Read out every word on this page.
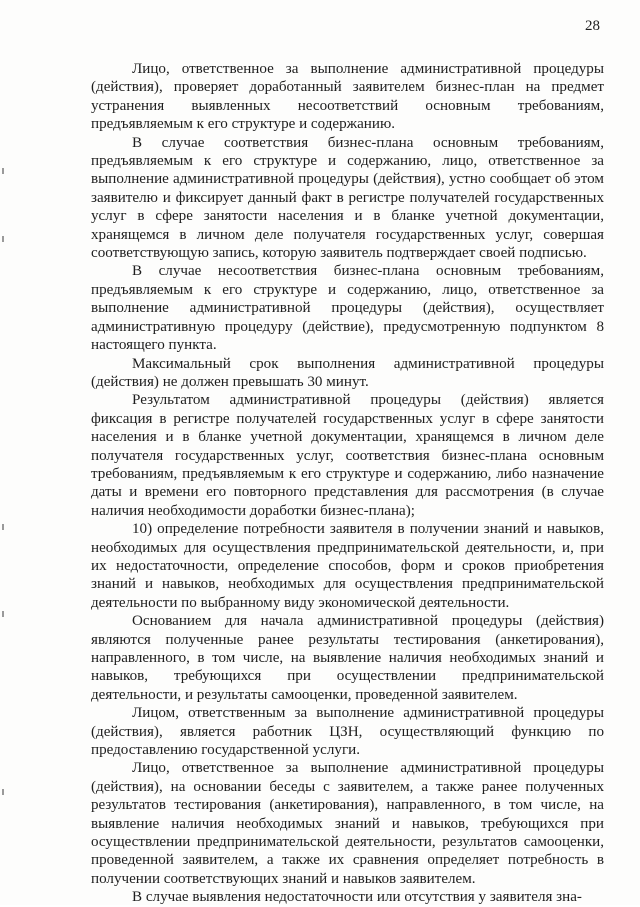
28

Лицо, ответственное за выполнение административной процедуры (действия), проверяет доработанный заявителем бизнес-план на предмет устранения выявленных несоответствий основным требованиям, предъявляемым к его структуре и содержанию.

В случае соответствия бизнес-плана основным требованиям, предъявляемым к его структуре и содержанию, лицо, ответственное за выполнение административной процедуры (действия), устно сообщает об этом заявителю и фиксирует данный факт в регистре получателей государственных услуг в сфере занятости населения и в бланке учетной документации, хранящемся в личном деле получателя государственных услуг, совершая соответствующую запись, которую заявитель подтверждает своей подписью.

В случае несоответствия бизнес-плана основным требованиям, предъявляемым к его структуре и содержанию, лицо, ответственное за выполнение административной процедуры (действия), осуществляет административную процедуру (действие), предусмотренную подпунктом 8 настоящего пункта.

Максимальный срок выполнения административной процедуры (действия) не должен превышать 30 минут.

Результатом административной процедуры (действия) является фиксация в регистре получателей государственных услуг в сфере занятости населения и в бланке учетной документации, хранящемся в личном деле получателя государственных услуг, соответствия бизнес-плана основным требованиям, предъявляемым к его структуре и содержанию, либо назначение даты и времени его повторного представления для рассмотрения (в случае наличия необходимости доработки бизнес-плана);

10) определение потребности заявителя в получении знаний и навыков, необходимых для осуществления предпринимательской деятельности, и, при их недостаточности, определение способов, форм и сроков приобретения знаний и навыков, необходимых для осуществления предпринимательской деятельности по выбранному виду экономической деятельности.

Основанием для начала административной процедуры (действия) являются полученные ранее результаты тестирования (анкетирования), направленного, в том числе, на выявление наличия необходимых знаний и навыков, требующихся при осуществлении предпринимательской деятельности, и результаты самооценки, проведенной заявителем.

Лицом, ответственным за выполнение административной процедуры (действия), является работник ЦЗН, осуществляющий функцию по предоставлению государственной услуги.

Лицо, ответственное за выполнение административной процедуры (действия), на основании беседы с заявителем, а также ранее полученных результатов тестирования (анкетирования), направленного, в том числе, на выявление наличия необходимых знаний и навыков, требующихся при осуществлении предпринимательской деятельности, результатов самооценки, проведенной заявителем, а также их сравнения определяет потребность в получении соответствующих знаний и навыков заявителем.

В случае выявления недостаточности или отсутствия у заявителя зна-
